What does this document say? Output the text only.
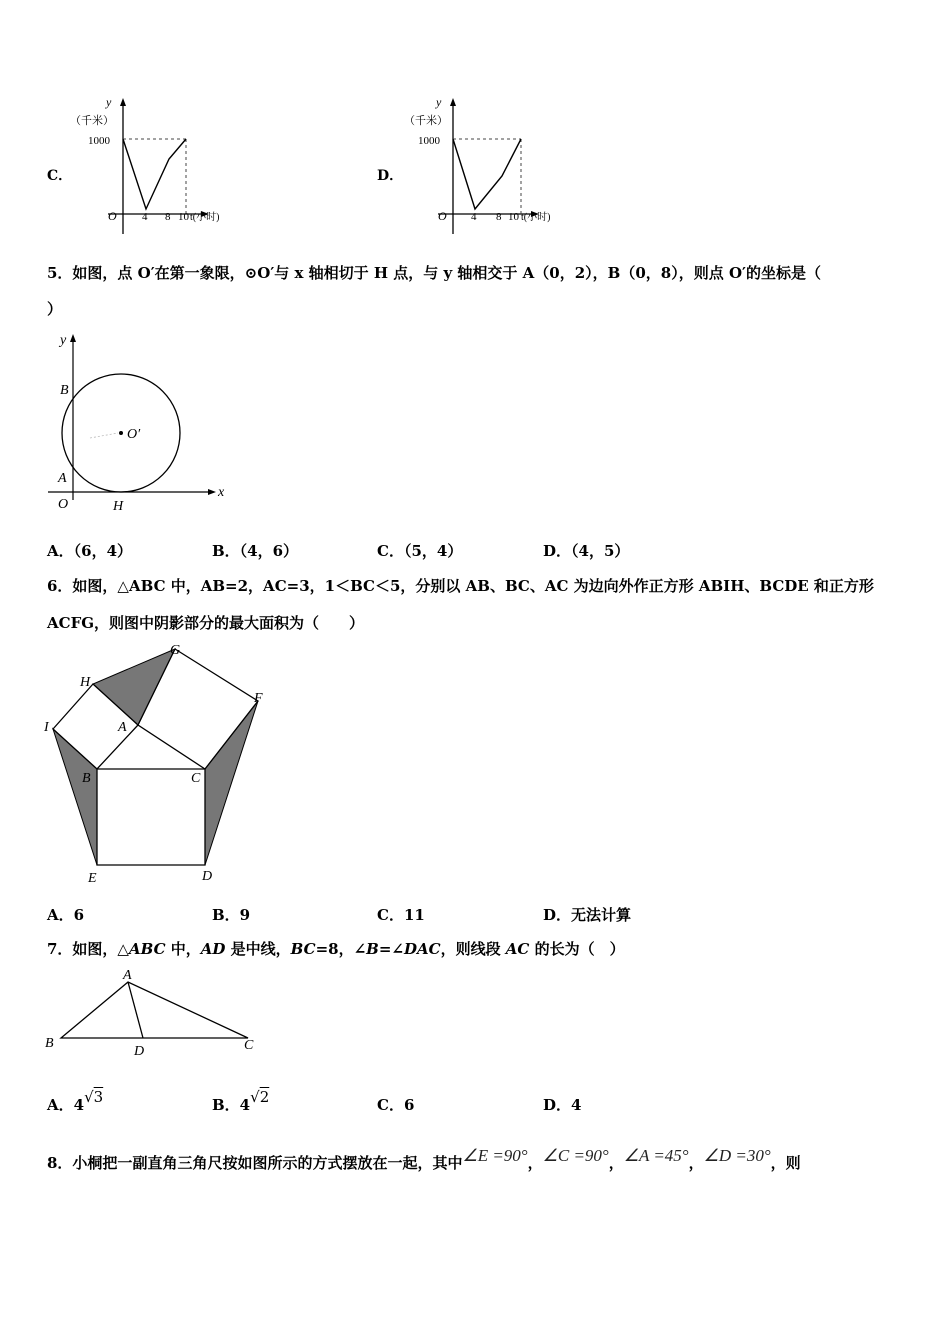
C．
y
（千米）
1000
O 4 8 10 t(小时)
D．
y
（千米）
1000
O 4 8 10 t(小时)
5．如图，点 O′在第一象限，⊙O′与 x 轴相切于 H 点，与 y 轴相交于 A（0，2），B（0，8），则点 O′的坐标是（
）
y
x
B
A
O	H
O′
A．（6，4）	B．（4，6）	C．（5，4）	D．（4，5）
6．如图，△ABC 中，AB=2，AC=3，1＜BC＜5，分别以 AB、BC、AC 为边向外作正方形 ABIH、BCDE 和正方形
ACFG，则图中阴影部分的最大面积为（　　）
G
H
F
I	A
B	C
E	D
A．6	B．9	C．11	D．无法计算
7．如图，△ABC 中，AD 是中线，BC=8，∠B=∠DAC，则线段 AC 的长为（　）
A
B
D	C
A．4√3	B．4√2	C．6	D．4
8．小桐把一副直角三角尺按如图所示的方式摆放在一起，其中∠E =90°，∠C =90°，∠A =45°，∠D =30°，则
